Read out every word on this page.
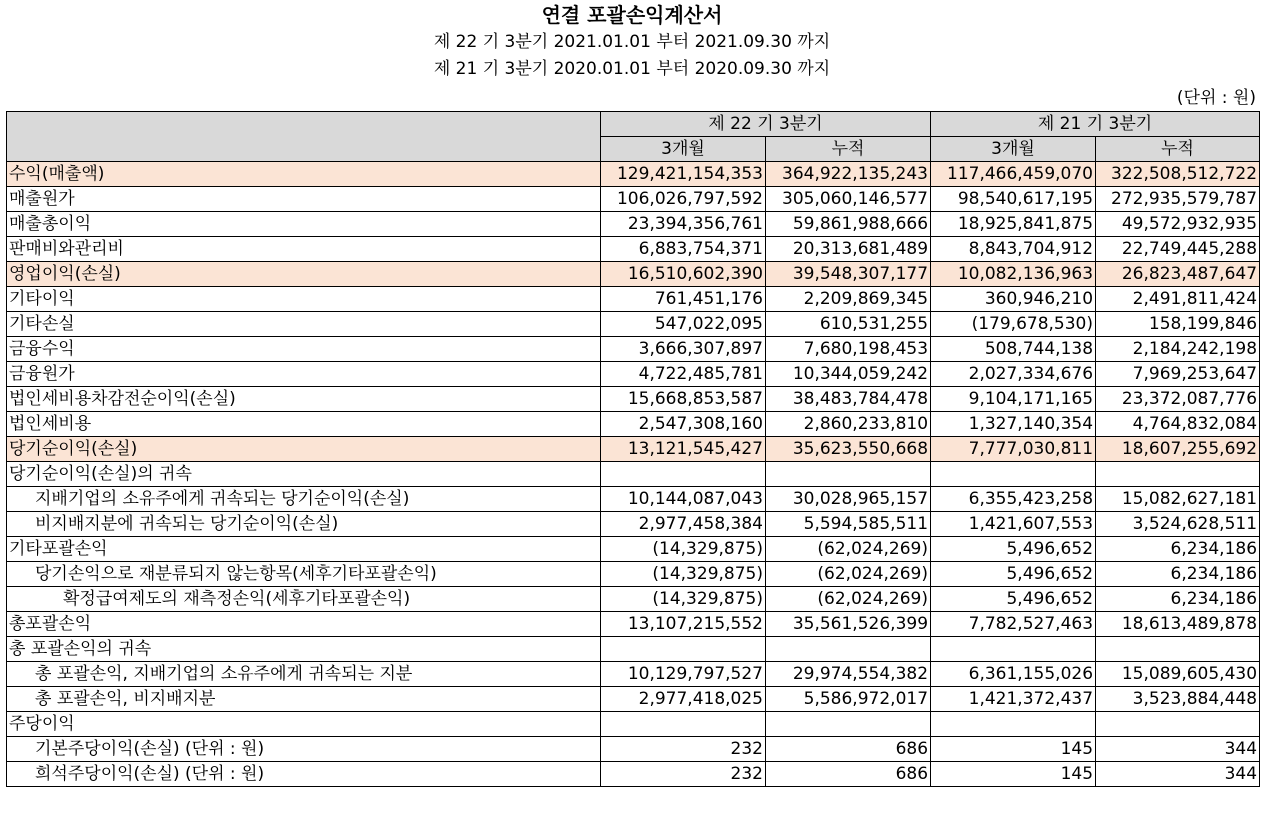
연결 포괄손익계산서
제 22 기 3분기 2021.01.01 부터 2021.09.30 까지
제 21 기 3분기 2020.01.01 부터 2020.09.30 까지
(단위 : 원)
	제 22 기 3분기		제 21 기 3분기	
	3개월	누적	3개월	누적
수익(매출액)	129,421,154,353	364,922,135,243	117,466,459,070	322,508,512,722
매출원가	106,026,797,592	305,060,146,577	98,540,617,195	272,935,579,787
매출총이익	23,394,356,761	59,861,988,666	18,925,841,875	49,572,932,935
판매비와관리비	6,883,754,371	20,313,681,489	8,843,704,912	22,749,445,288
영업이익(손실)	16,510,602,390	39,548,307,177	10,082,136,963	26,823,487,647
기타이익	761,451,176	2,209,869,345	360,946,210	2,491,811,424
기타손실	547,022,095	610,531,255	(179,678,530)	158,199,846
금융수익	3,666,307,897	7,680,198,453	508,744,138	2,184,242,198
금융원가	4,722,485,781	10,344,059,242	2,027,334,676	7,969,253,647
법인세비용차감전순이익(손실)	15,668,853,587	38,483,784,478	9,104,171,165	23,372,087,776
법인세비용	2,547,308,160	2,860,233,810	1,327,140,354	4,764,832,084
당기순이익(손실)	13,121,545,427	35,623,550,668	7,777,030,811	18,607,255,692
당기순이익(손실)의 귀속				
지배기업의 소유주에게 귀속되는 당기순이익(손실)	10,144,087,043	30,028,965,157	6,355,423,258	15,082,627,181
비지배지분에 귀속되는 당기순이익(손실)	2,977,458,384	5,594,585,511	1,421,607,553	3,524,628,511
기타포괄손익	(14,329,875)	(62,024,269)	5,496,652	6,234,186
당기손익으로 재분류되지 않는항목(세후기타포괄손익)	(14,329,875)	(62,024,269)	5,496,652	6,234,186
확정급여제도의 재측정손익(세후기타포괄손익)	(14,329,875)	(62,024,269)	5,496,652	6,234,186
총포괄손익	13,107,215,552	35,561,526,399	7,782,527,463	18,613,489,878
총 포괄손익의 귀속				
총 포괄손익, 지배기업의 소유주에게 귀속되는 지분	10,129,797,527	29,974,554,382	6,361,155,026	15,089,605,430
총 포괄손익, 비지배지분	2,977,418,025	5,586,972,017	1,421,372,437	3,523,884,448
주당이익				
기본주당이익(손실) (단위 : 원)	232	686	145	344
희석주당이익(손실) (단위 : 원)	232	686	145	344
